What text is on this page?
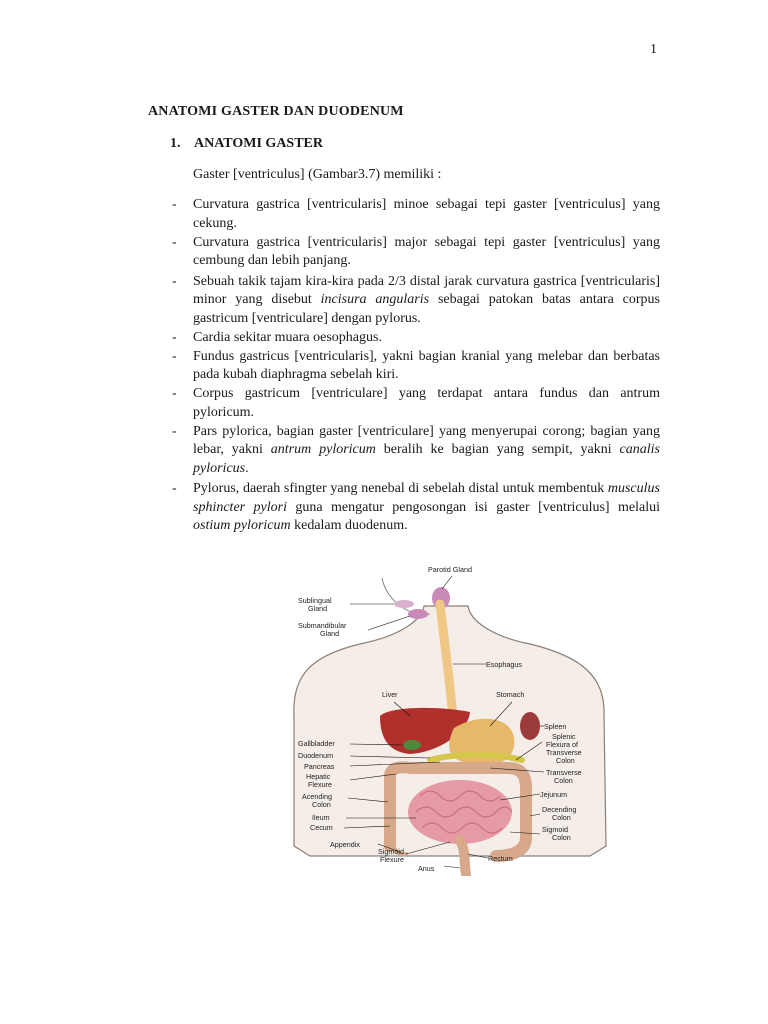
1
ANATOMI GASTER DAN DUODENUM
1. ANATOMI GASTER

Gaster [ventriculus] (Gambar3.7) memiliki :

- Curvatura gastrica [ventricularis] minoe sebagai tepi gaster [ventriculus] yang cekung.
- Curvatura gastrica [ventricularis] major sebagai tepi gaster [ventriculus] yang cembung dan lebih panjang.
- Sebuah takik tajam kira-kira pada 2/3 distal jarak curvatura gastrica [ventricularis] minor yang disebut incisura angularis sebagai patokan batas antara corpus gastricum [ventriculare] dengan pylorus.
- Cardia sekitar muara oesophagus.
- Fundus gastricus [ventricularis], yakni bagian kranial yang melebar dan berbatas pada kubah diaphragma sebelah kiri.
- Corpus gastricum [ventriculare] yang terdapat antara fundus dan antrum pyloricum.
- Pars pylorica, bagian gaster [ventriculare] yang menyerupai corong; bagian yang lebar, yakni antrum pyloricum beralih ke bagian yang sempit, yakni canalis pyloricus.
- Pylorus, daerah sfingter yang nenebal di sebelah distal untuk membentuk musculus sphincter pylori guna mengatur pengosongan isi gaster [ventriculus] melalui ostium pyloricum kedalam duodenum.
Parotid Gland
Sublingual Gland
Submandibular Gland
Esophagus
Liver	Stomach
Spleen
Splenic Flexura of Transverse Colon
Gallbladder
Duodenum
Pancreas
Hepatic Flexure
Transverse Colon
Jejunum
Acending Colon
Decending Colon
Ileum
Cecum	Sigmoid Colon
Appendix
Sigmoid Flexure	Rectum
Anus
